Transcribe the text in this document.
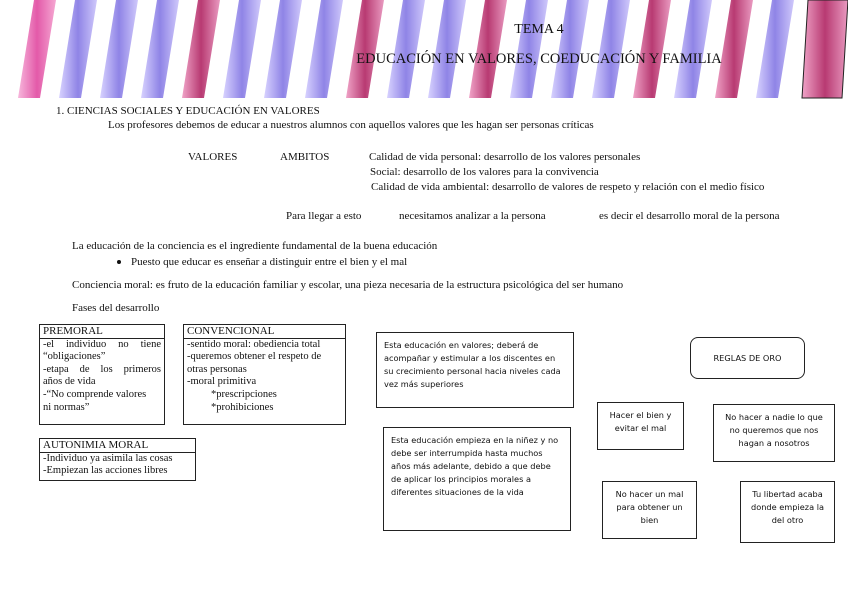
TEMA 4
EDUCACIÓN EN VALORES, COEDUCACIÓN Y FAMILIA
1. CIENCIAS SOCIALES Y EDUCACIÓN EN VALORES
Los profesores debemos de educar a nuestros alumnos con aquellos valores que les hagan ser personas críticas
VALORES	AMBITOS	Calidad de vida personal: desarrollo de los valores personales
Social: desarrollo de los valores para la convivencia
Calidad de vida ambiental: desarrollo de valores de respeto y relación con el medio físico
Para llegar a esto	necesitamos analizar a la persona	es decir el desarrollo moral de la persona
La educación de la conciencia es el ingrediente fundamental de la buena educación
Puesto que educar es enseñar a distinguir entre el bien y el mal
Conciencia moral: es fruto de la educación familiar y escolar, una pieza necesaria de la estructura psicológica del ser humano
Fases del desarrollo
PREMORAL
-el individuo no tiene
“obligaciones”
-etapa de los primeros
años de vida
-“No comprende valores
ni normas”
CONVENCIONAL
-sentido moral: obediencia total
-queremos obtener el respeto de
otras personas
-moral primitiva
*prescripciones
*prohibiciones
AUTONIMIA MORAL
-Individuo ya asimila las cosas
-Empiezan las acciones libres
Esta educación en valores; deberá de acompañar y estimular a los discentes en su crecimiento personal hacia niveles cada vez más superiores
Esta educación empieza en la niñez y no debe ser interrumpida hasta muchos años más adelante, debido a que debe de aplicar los principios morales a diferentes situaciones de la vida
REGLAS DE ORO
Hacer el bien y evitar el mal
No hacer a nadie lo que no queremos que nos hagan a nosotros
No hacer un mal para obtener un bien
Tu libertad acaba donde empieza la del otro
